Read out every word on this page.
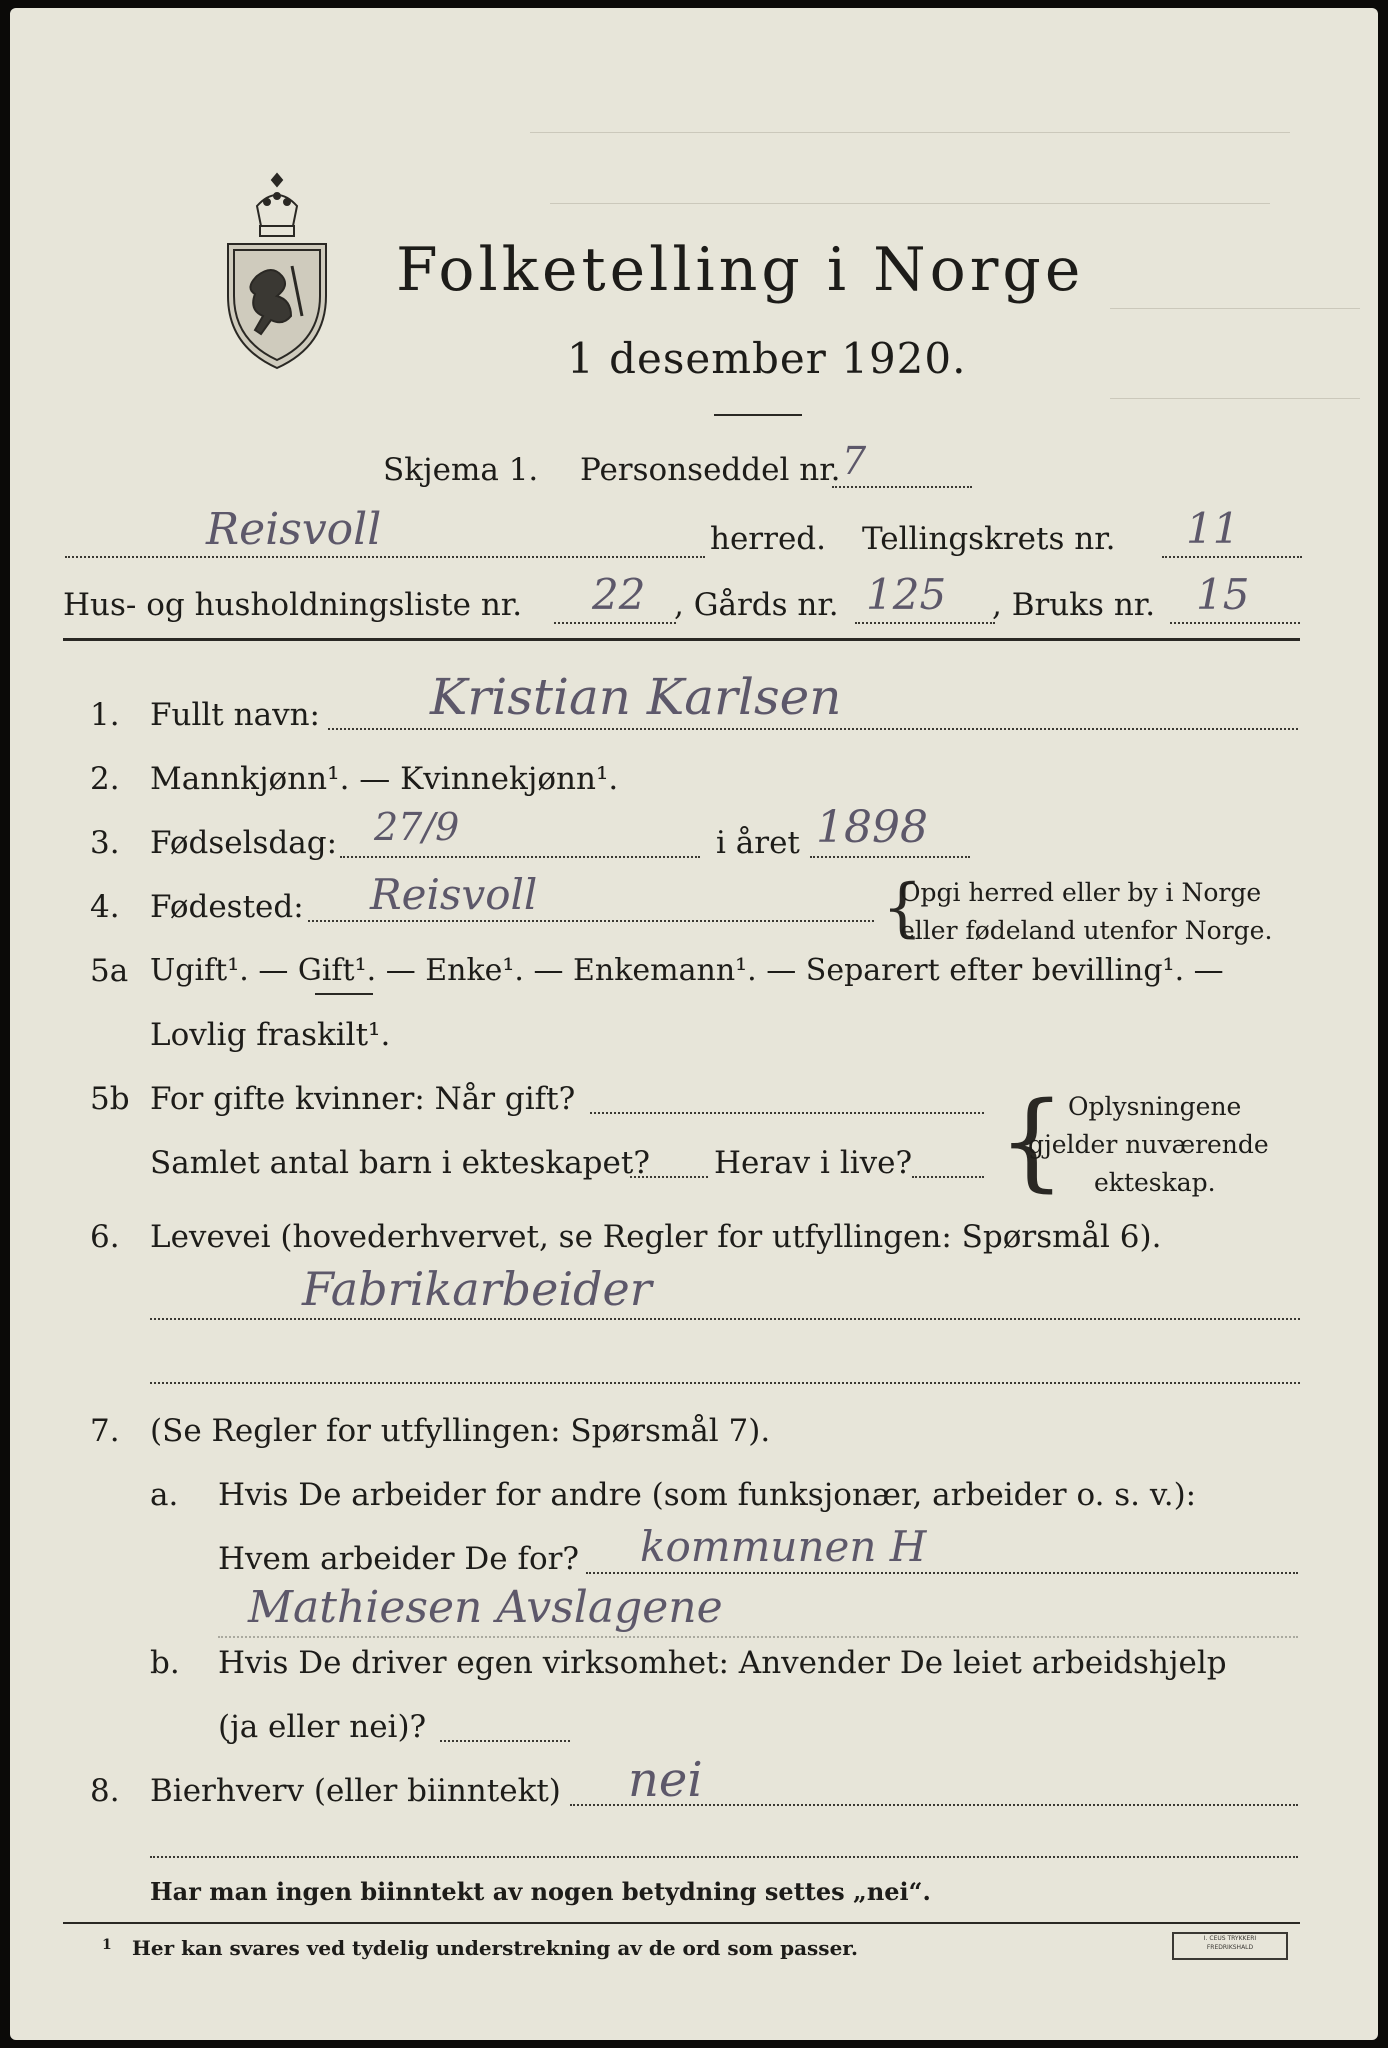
Folketelling i Norge
1 desember 1920.
Skjema 1. Personseddel nr. 7
Reisvoll	herred. Tellingskrets nr. 11
Hus- og husholdningsliste nr. 22 , Gårds nr. 125 , Bruks nr. 15
1. Fullt navn: Kristian Karlsen
2. Mannkjønn¹. — Kvinnekjønn¹.
3. Fødselsdag: 27/9	i året 1898
4. Fødested: Reisvoll	{
Opgi herred eller by i Norge
eller fødeland utenfor Norge.
5a Ugift¹. — Gift¹. — Enke¹. — Enkemann¹. — Separert efter bevilling¹. —
Lovlig fraskilt¹.
5b For gifte kvinner: Når gift?
Samlet antal barn i ekteskapet? Herav i live? { Oplysningene
gjelder nuværende
ekteskap.
6. Levevei (hovederhvervet, se Regler for utfyllingen: Spørsmål 6).
Fabrikarbeider
7. (Se Regler for utfyllingen: Spørsmål 7).
a. Hvis De arbeider for andre (som funksjonær, arbeider o. s. v.):
Hvem arbeider De for? kommunen H
Mathiesen Avslagene
b. Hvis De driver egen virksomhet: Anvender De leiet arbeidshjelp
(ja eller nei)?
8. Bierhverv (eller biinntekt) nei
Har man ingen biinntekt av nogen betydning settes „nei“.
1 Her kan svares ved tydelig understrekning av de ord som passer.	I. CEUS TRYKKERI
FREDRIKSHALD
